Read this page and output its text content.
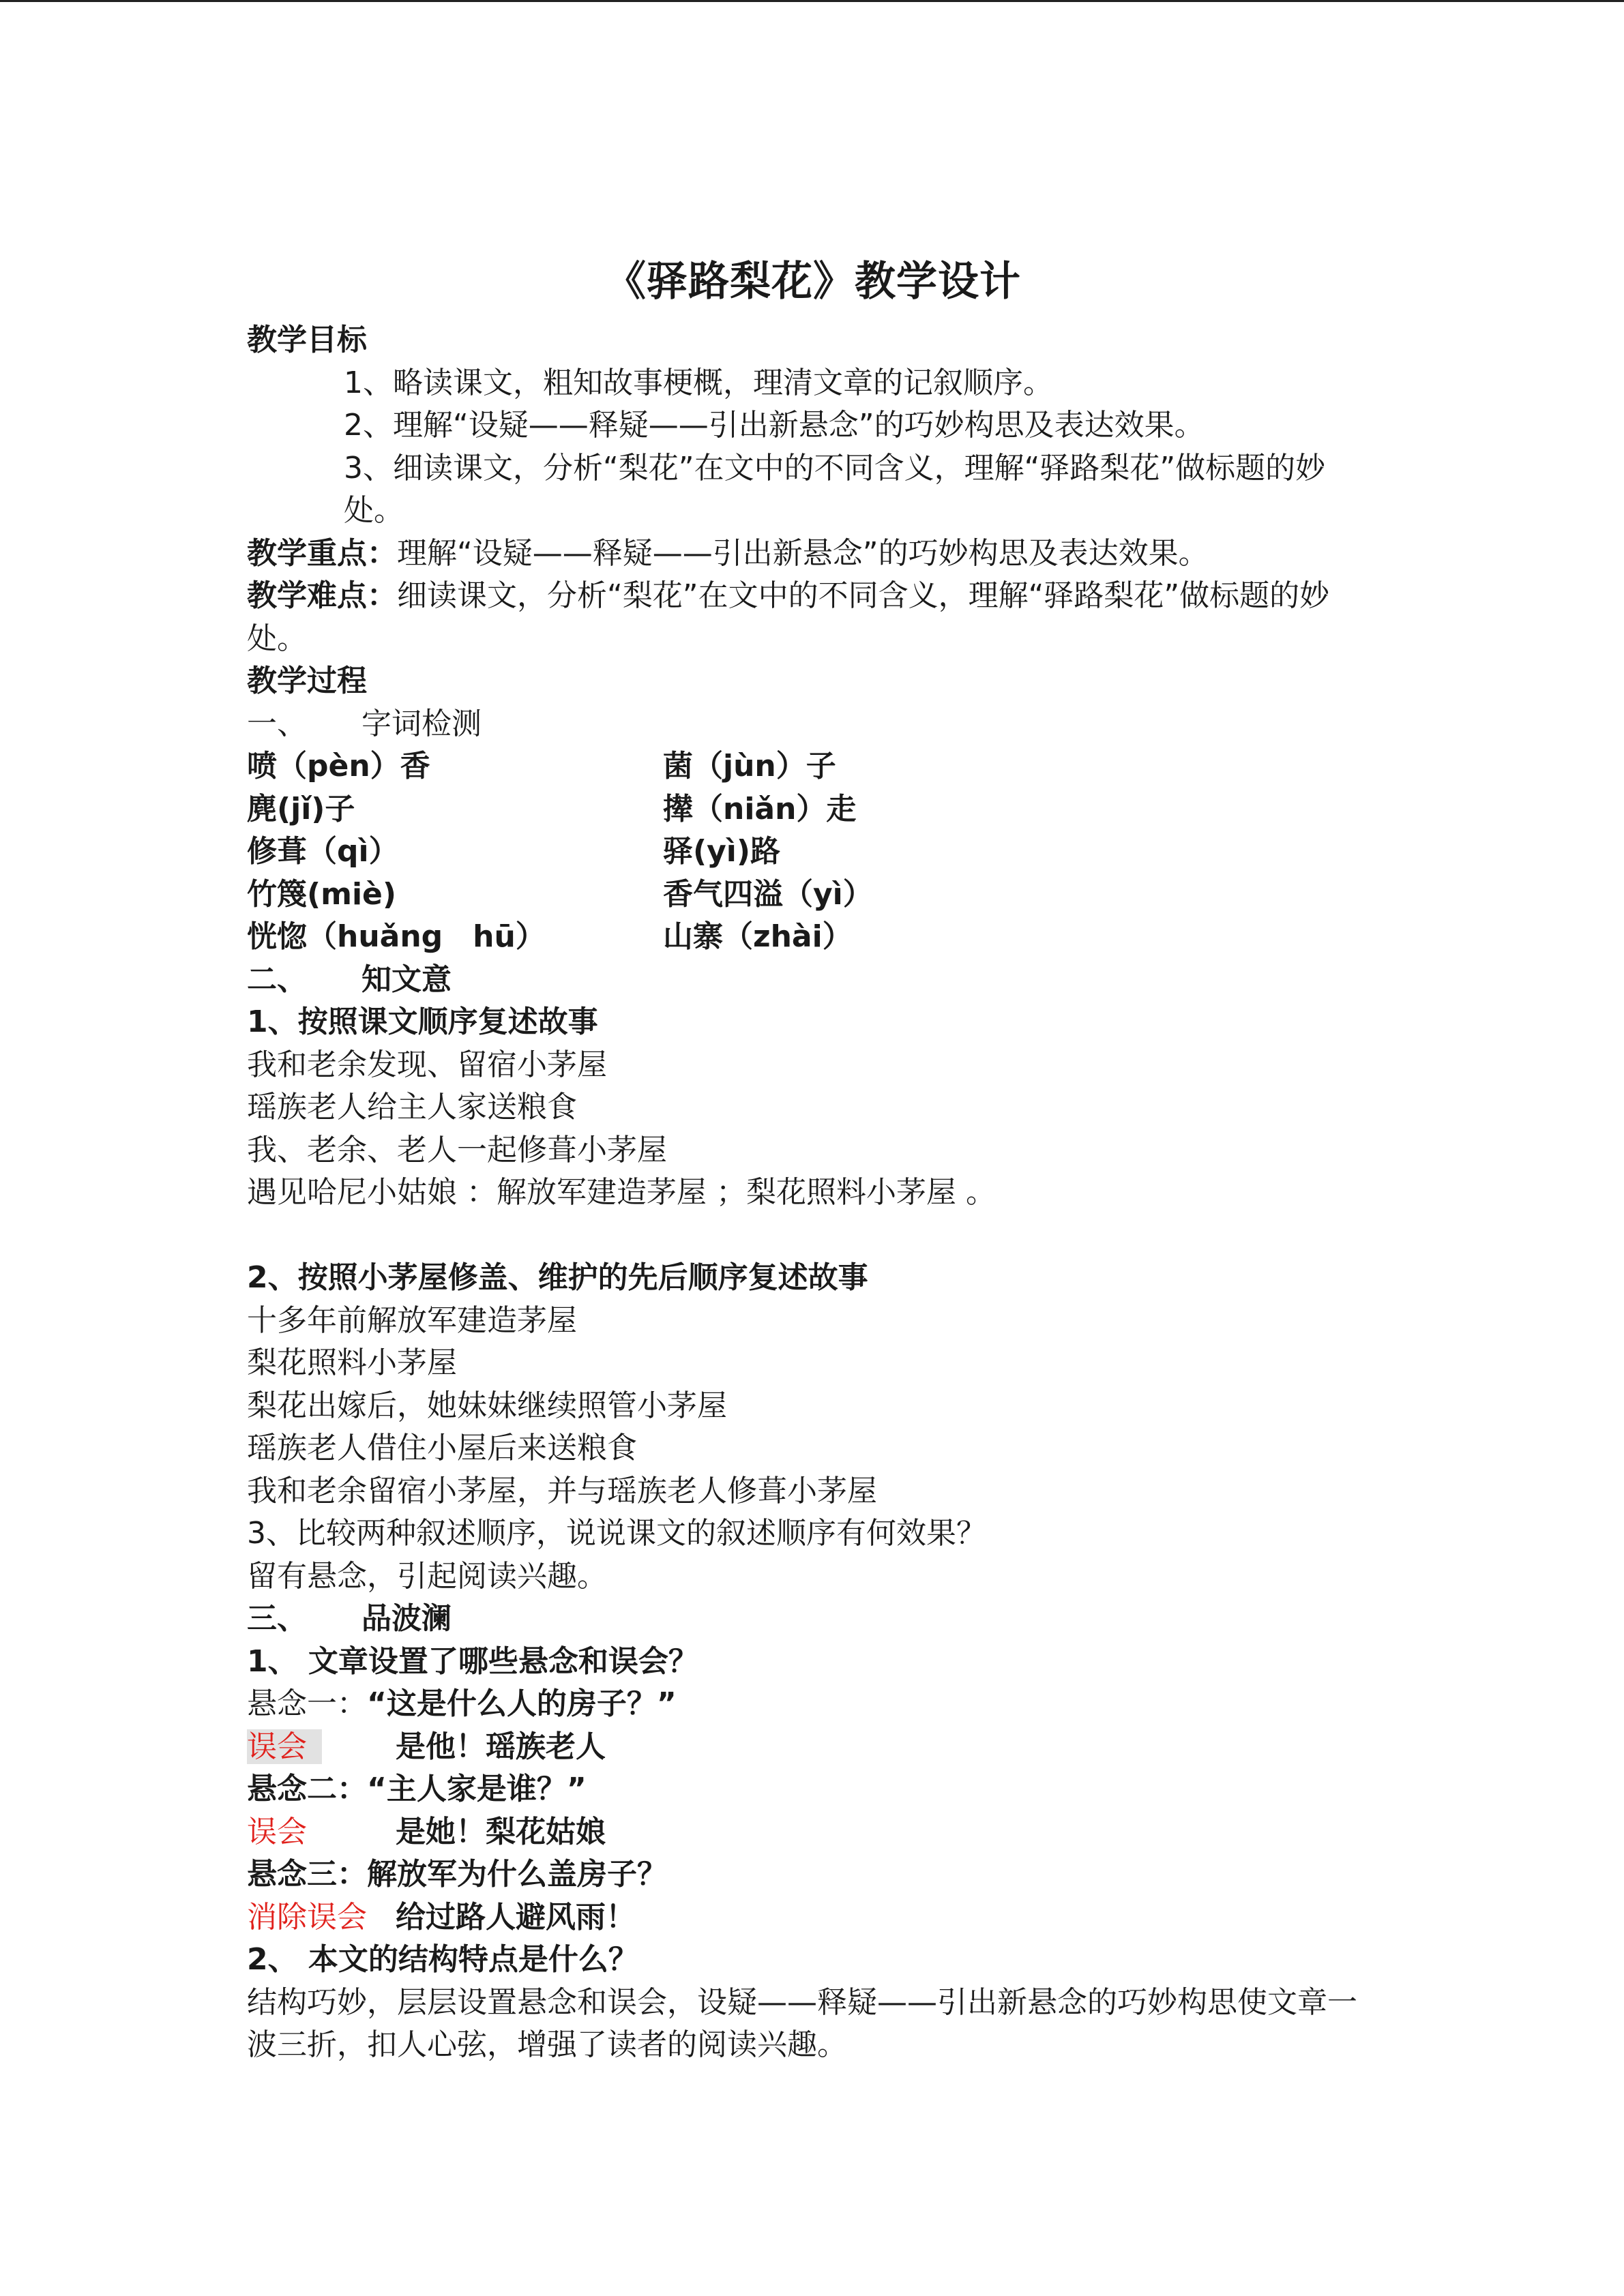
《驿路梨花》教学设计

教学目标

1、略读课文，粗知故事梗概，理清文章的记叙顺序。

2、理解“设疑——释疑——引出新悬念”的巧妙构思及表达效果。

3、细读课文，分析“梨花”在文中的不同含义，理解“驿路梨花”做标题的妙处。

教学重点：理解“设疑——释疑——引出新悬念”的巧妙构思及表达效果。

教学难点：细读课文，分析“梨花”在文中的不同含义，理解“驿路梨花”做标题的妙处。

教学过程

一、 字词检测

喷（pèn）香	菌（jùn）子
麂(jǐ)子	撵（niǎn）走
修葺（qì）	驿(yì)路
竹篾(miè)	香气四溢（yì）
恍惚（huǎng　hū）	山寨（zhài）

二、 知文意

1、按照课文顺序复述故事

我和老余发现、留宿小茅屋

瑶族老人给主人家送粮食

我、老余、老人一起修葺小茅屋

遇见哈尼小姑娘 ：解放军建造茅屋 ；梨花照料小茅屋 。

2、按照小茅屋修盖、维护的先后顺序复述故事

十多年前解放军建造茅屋

梨花照料小茅屋

梨花出嫁后，她妹妹继续照管小茅屋

瑶族老人借住小屋后来送粮食

我和老余留宿小茅屋，并与瑶族老人修葺小茅屋

3、比较两种叙述顺序，说说课文的叙述顺序有何效果？

留有悬念，引起阅读兴趣。

三、 品波澜

1、 文章设置了哪些悬念和误会？

悬念一：“这是什么人的房子？”

误会	是他！瑶族老人

悬念二：“主人家是谁？”

误会	是她！梨花姑娘

悬念三：解放军为什么盖房子？

消除误会 给过路人避风雨！

2、 本文的结构特点是什么？

结构巧妙，层层设置悬念和误会，设疑——释疑——引出新悬念的巧妙构思使文章一波三折，扣人心弦，增强了读者的阅读兴趣。
